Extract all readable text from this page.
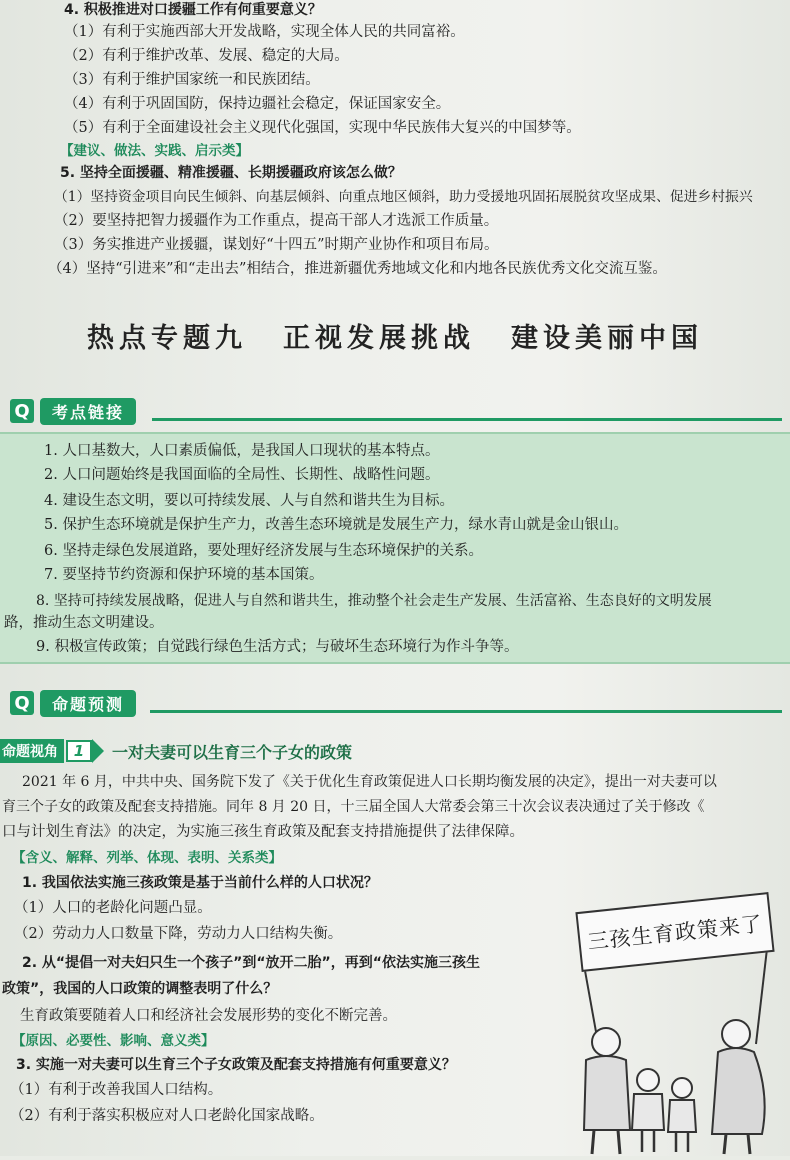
4. 积极推进对口援疆工作有何重要意义？
（1）有利于实施西部大开发战略，实现全体人民的共同富裕。
（2）有利于维护改革、发展、稳定的大局。
（3）有利于维护国家统一和民族团结。
（4）有利于巩固国防，保持边疆社会稳定，保证国家安全。
（5）有利于全面建设社会主义现代化强国，实现中华民族伟大复兴的中国梦等。
【建议、做法、实践、启示类】
5. 坚持全面援疆、精准援疆、长期援疆政府该怎么做？
（1）坚持资金项目向民生倾斜、向基层倾斜、向重点地区倾斜，助力受援地巩固拓展脱贫攻坚成果、促进乡村振兴
（2）要坚持把智力援疆作为工作重点，提高干部人才选派工作质量。
（3）务实推进产业援疆，谋划好“十四五”时期产业协作和项目布局。
（4）坚持“引进来”和“走出去”相结合，推进新疆优秀地域文化和内地各民族优秀文化交流互鉴。
热点专题九 正视发展挑战 建设美丽中国
Q	考点链接
1. 人口基数大，人口素质偏低，是我国人口现状的基本特点。
2. 人口问题始终是我国面临的全局性、长期性、战略性问题。
4. 建设生态文明，要以可持续发展、人与自然和谐共生为目标。
5. 保护生态环境就是保护生产力，改善生态环境就是发展生产力，绿水青山就是金山银山。
6. 坚持走绿色发展道路，要处理好经济发展与生态环境保护的关系。
7. 要坚持节约资源和保护环境的基本国策。
8. 坚持可持续发展战略，促进人与自然和谐共生，推动整个社会走生产发展、生活富裕、生态良好的文明发展
路，推动生态文明建设。
9. 积极宣传政策；自觉践行绿色生活方式；与破坏生态环境行为作斗争等。
Q	命题预测
命题视角	1	一对夫妻可以生育三个子女的政策
2021 年 6 月，中共中央、国务院下发了《关于优化生育政策促进人口长期均衡发展的决定》，提出一对夫妻可以
育三个子女的政策及配套支持措施。同年 8 月 20 日，十三届全国人大常委会第三十次会议表决通过了关于修改《
口与计划生育法》的决定，为实施三孩生育政策及配套支持措施提供了法律保障。
【含义、解释、列举、体现、表明、关系类】
1. 我国依法实施三孩政策是基于当前什么样的人口状况？
（1）人口的老龄化问题凸显。
（2）劳动力人口数量下降，劳动力人口结构失衡。
2. 从“提倡一对夫妇只生一个孩子”到“放开二胎”，再到“依法实施三孩生
政策”，我国的人口政策的调整表明了什么？
生育政策要随着人口和经济社会发展形势的变化不断完善。
【原因、必要性、影响、意义类】
3. 实施一对夫妻可以生育三个子女政策及配套支持措施有何重要意义？
（1）有利于改善我国人口结构。
（2）有利于落实积极应对人口老龄化国家战略。
三孩生育政策来了
